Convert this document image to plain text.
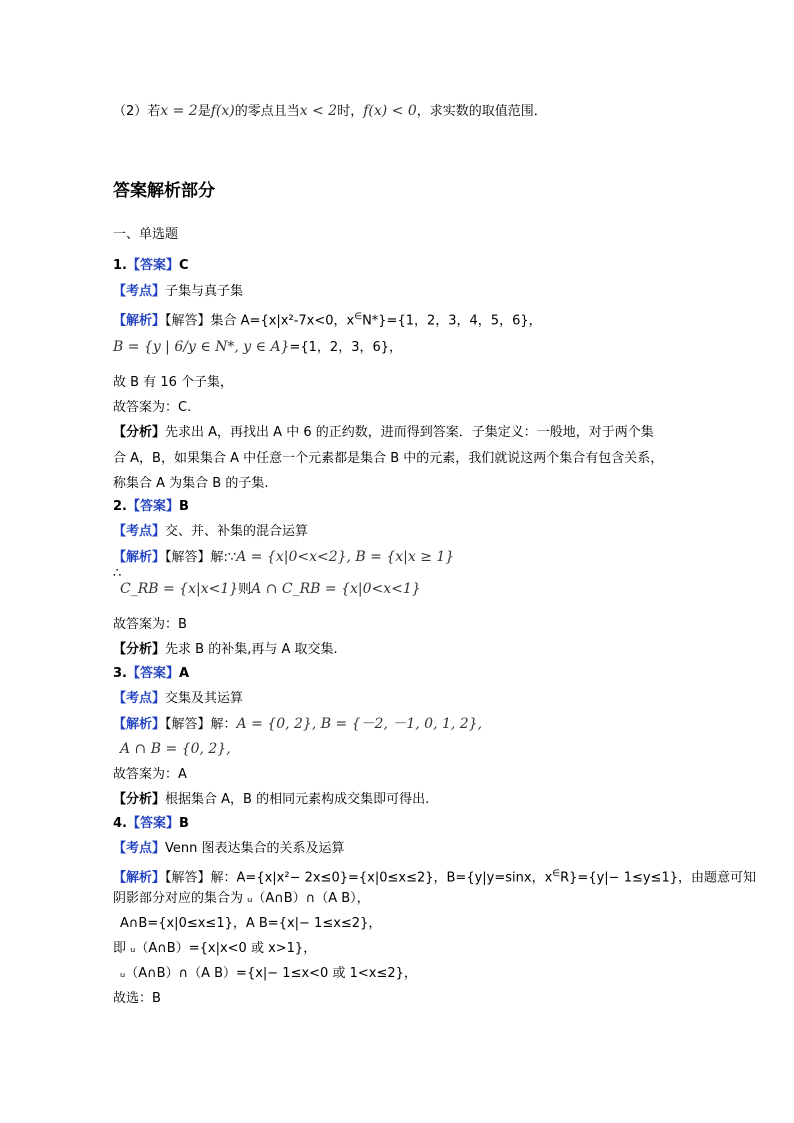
（2）若x = 2是f(x)的零点且当x < 2时，f(x) < 0，求实数的取值范围．
答案解析部分
一、单选题
1.【答案】C
【考点】子集与真子集
【解析】【解答】集合 A={x|x²-7x<0，x∈N*}={1，2，3，4，5，6}，
B = {y | 6/y ∈ N*, y ∈ A}={1，2，3，6}，
故 B 有 16 个子集，
故答案为：C.
【分析】先求出 A，再找出 A 中 6 的正约数，进而得到答案．子集定义：一般地，对于两个集
合 A，B，如果集合 A 中任意一个元素都是集合 B 中的元素，我们就说这两个集合有包含关系，
称集合 A 为集合 B 的子集.
2.【答案】B
【考点】交、并、补集的混合运算
【解析】【解答】解:∵A = {x|0<x<2}, B = {x|x ≥ 1}
∴
C_RB = {x|x<1}则A ∩ C_RB = {x|0<x<1}
故答案为：B
【分析】先求 B 的补集,再与 A 取交集.
3.【答案】A
【考点】交集及其运算
【解析】【解答】解：A = {0, 2}, B = {－2, －1, 0, 1, 2},
A ∩ B = {0, 2},
故答案为：A
【分析】根据集合 A，B 的相同元素构成交集即可得出.
4.【答案】B
【考点】Venn 图表达集合的关系及运算
【解析】【解答】解：A={x|x²− 2x≤0}={x|0≤x≤2}，B={y|y=sinx，x∈R}={y|− 1≤y≤1}，由题意可知
阴影部分对应的集合为 ᵤ（A∩B）∩（A B），
A∩B={x|0≤x≤1}，A B={x|− 1≤x≤2}，
即 ᵤ（A∩B）={x|x<0 或 x>1}，
ᵤ（A∩B）∩（A B）={x|− 1≤x<0 或 1<x≤2}，
故选：B
